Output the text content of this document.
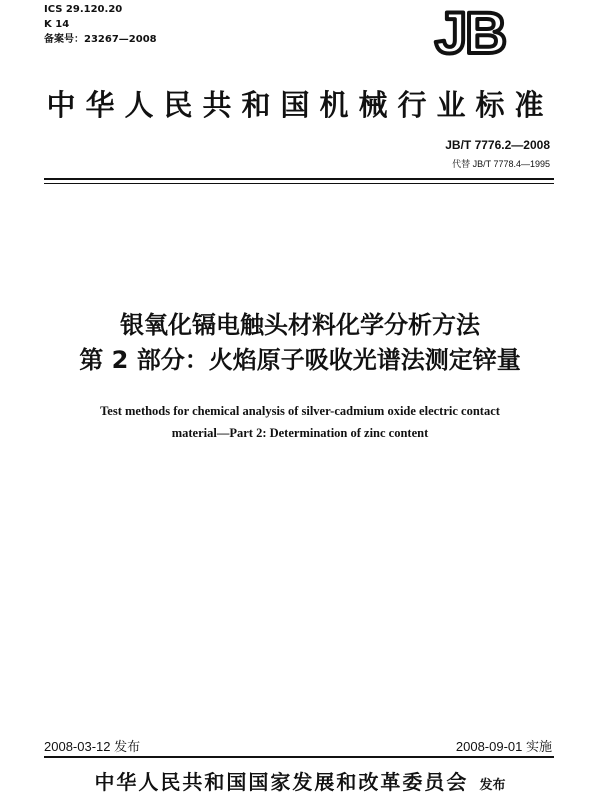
ICS 29.120.20
K 14
备案号：23267—2008	JB
中华人民共和国机械行业标准
JB/T 7776.2—2008
代替 JB/T 7778.4—1995
银氧化镉电触头材料化学分析方法
第 2 部分：火焰原子吸收光谱法测定锌量
Test methods for chemical analysis of silver-cadmium oxide electric contact
material—Part 2: Determination of zinc content
2008-03-12 发布	2008-09-01 实施
中华人民共和国国家发展和改革委员会 发布
